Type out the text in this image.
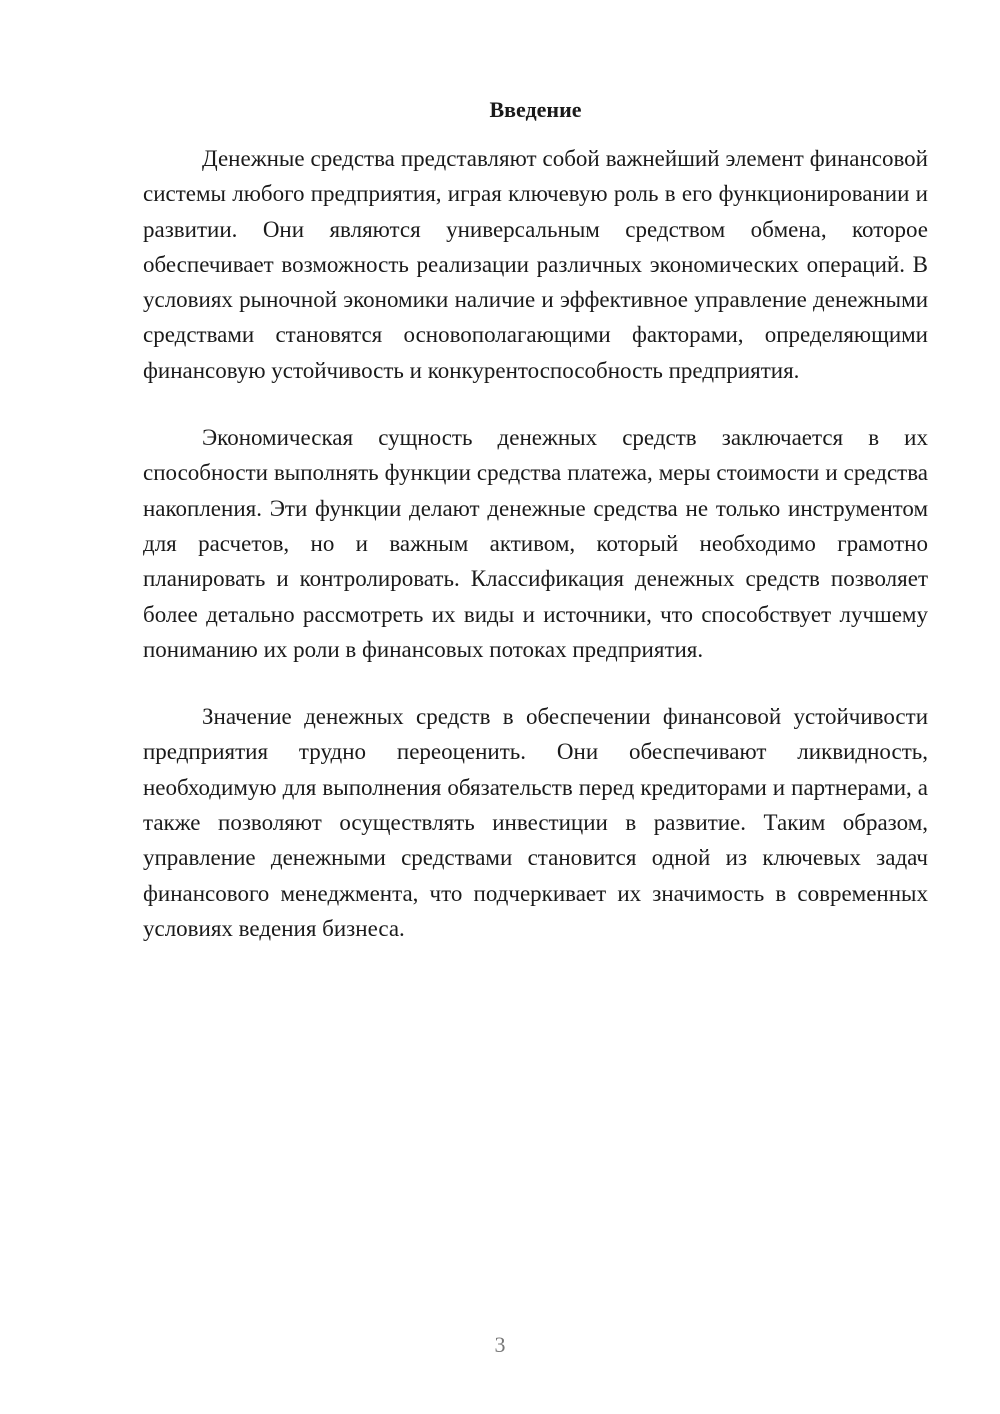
Введение

Денежные средства представляют собой важнейший элемент финансовой системы любого предприятия, играя ключевую роль в его функционировании и развитии. Они являются универсальным средством обмена, которое обеспечивает возможность реализации различных экономических операций. В условиях рыночной экономики наличие и эффективное управление денежными средствами становятся основополагающими факторами, определяющими финансовую устойчивость и конкурентоспособность предприятия.

Экономическая сущность денежных средств заключается в их способности выполнять функции средства платежа, меры стоимости и средства накопления. Эти функции делают денежные средства не только инструментом для расчетов, но и важным активом, который необходимо грамотно планировать и контролировать. Классификация денежных средств позволяет более детально рассмотреть их виды и источники, что способствует лучшему пониманию их роли в финансовых потоках предприятия.

Значение денежных средств в обеспечении финансовой устойчивости предприятия трудно переоценить. Они обеспечивают ликвидность, необходимую для выполнения обязательств перед кредиторами и партнерами, а также позволяют осуществлять инвестиции в развитие. Таким образом, управление денежными средствами становится одной из ключевых задач финансового менеджмента, что подчеркивает их значимость в современных условиях ведения бизнеса.

3
